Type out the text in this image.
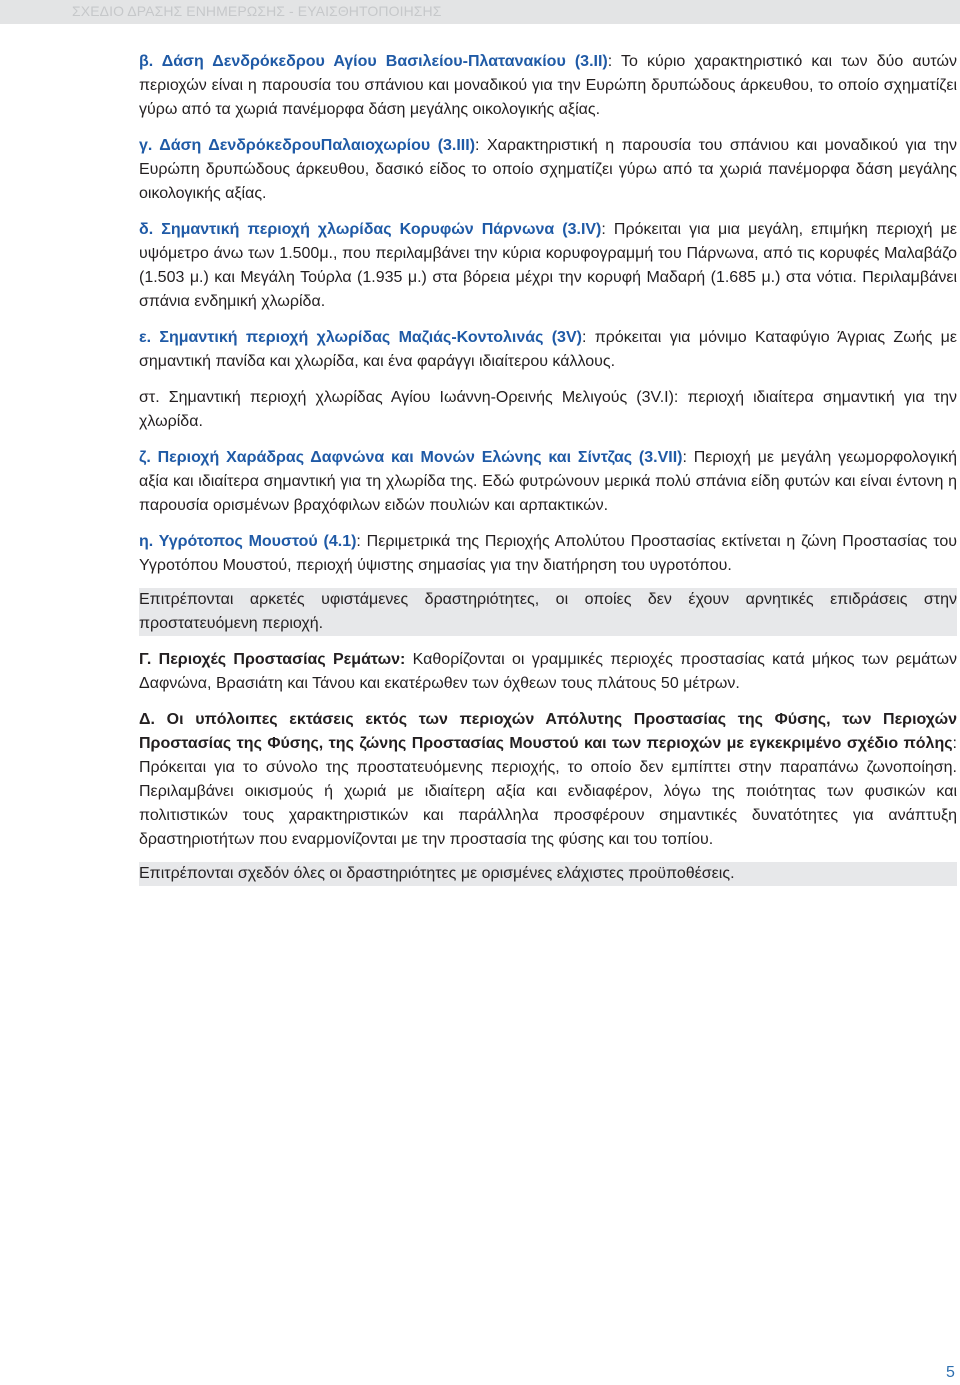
ΣΧΕΔΙΟ ΔΡΑΣΗΣ ΕΝΗΜΕΡΩΣΗΣ - ΕΥΑΙΣΘΗΤΟΠΟΙΗΣΗΣ

β. Δάση Δενδρόκεδρου Αγίου Βασιλείου-Πλατανακίου (3.ΙΙ): Το κύριο χαρακτηριστικό και των δύο αυτών περιοχών είναι η παρουσία του σπάνιου και μοναδικού για την Ευρώπη δρυπώδους άρκευθου, το οποίο σχηματίζει γύρω από τα χωριά πανέμορφα δάση μεγάλης οικολογικής αξίας.

γ. Δάση ΔενδρόκεδρουΠαλαιοχωρίου (3.ΙΙΙ): Χαρακτηριστική η παρουσία του σπάνιου και μοναδικού για την Ευρώπη δρυπώδους άρκευθου, δασικό είδος το οποίο σχηματίζει γύρω από τα χωριά πανέμορφα δάση μεγάλης οικολογικής αξίας.

δ. Σημαντική περιοχή χλωρίδας Κορυφών Πάρνωνα (3.IV): Πρόκειται για μια μεγάλη, επιμήκη περιοχή με υψόμετρο άνω των 1.500μ., που περιλαμβάνει την κύρια κορυφογραμμή του Πάρνωνα, από τις κορυφές Μαλαβάζο (1.503 μ.) και Μεγάλη Τούρλα (1.935 μ.) στα βόρεια μέχρι την κορυφή Μαδαρή (1.685 μ.) στα νότια. Περιλαμβάνει σπάνια ενδημική χλωρίδα.

ε. Σημαντική περιοχή χλωρίδας Μαζιάς-Κοντολινάς (3V): πρόκειται για μόνιμο Καταφύγιο Άγριας Ζωής με σημαντική πανίδα και χλωρίδα, και ένα φαράγγι ιδιαίτερου κάλλους.

στ. Σημαντική περιοχή χλωρίδας Αγίου Ιωάννη-Ορεινής Μελιγούς (3V.Ι): περιοχή ιδιαίτερα σημαντική για την χλωρίδα.

ζ. Περιοχή Χαράδρας Δαφνώνα και Μονών Ελώνης και Σίντζας (3.VII): Περιοχή με μεγάλη γεωμορφολογική αξία και ιδιαίτερα σημαντική για τη χλωρίδα της. Εδώ φυτρώνουν μερικά πολύ σπάνια είδη φυτών και είναι έντονη η παρουσία ορισμένων βραχόφιλων ειδών πουλιών και αρπακτικών.

η. Υγρότοπος Μουστού (4.1): Περιμετρικά της Περιοχής Απολύτου Προστασίας εκτίνεται η ζώνη Προστασίας του Υγροτόπου Μουστού, περιοχή ύψιστης σημασίας για την διατήρηση του υγροτόπου.

Επιτρέπονται αρκετές υφιστάμενες δραστηριότητες, οι οποίες δεν έχουν αρνητικές επιδράσεις στην προστατευόμενη περιοχή.

Γ. Περιοχές Προστασίας Ρεμάτων: Καθορίζονται οι γραμμικές περιοχές προστασίας κατά μήκος των ρεμάτων Δαφνώνα, Βρασιάτη και Τάνου και εκατέρωθεν των όχθεων τους πλάτους 50 μέτρων.

Δ. Οι υπόλοιπες εκτάσεις εκτός των περιοχών Απόλυτης Προστασίας της Φύσης, των Περιοχών Προστασίας της Φύσης, της ζώνης Προστασίας Μουστού και των περιοχών με εγκεκριμένο σχέδιο πόλης: Πρόκειται για το σύνολο της προστατευόμενης περιοχής, το οποίο δεν εμπίπτει στην παραπάνω ζωνοποίηση. Περιλαμβάνει οικισμούς ή χωριά με ιδιαίτερη αξία και ενδιαφέρον, λόγω της ποιότητας των φυσικών και πολιτιστικών τους χαρακτηριστικών και παράλληλα προσφέρουν σημαντικές δυνατότητες για ανάπτυξη δραστηριοτήτων που εναρμονίζονται με την προστασία της φύσης και του τοπίου.

Επιτρέπονται σχεδόν όλες οι δραστηριότητες με ορισμένες ελάχιστες προϋποθέσεις.

5
